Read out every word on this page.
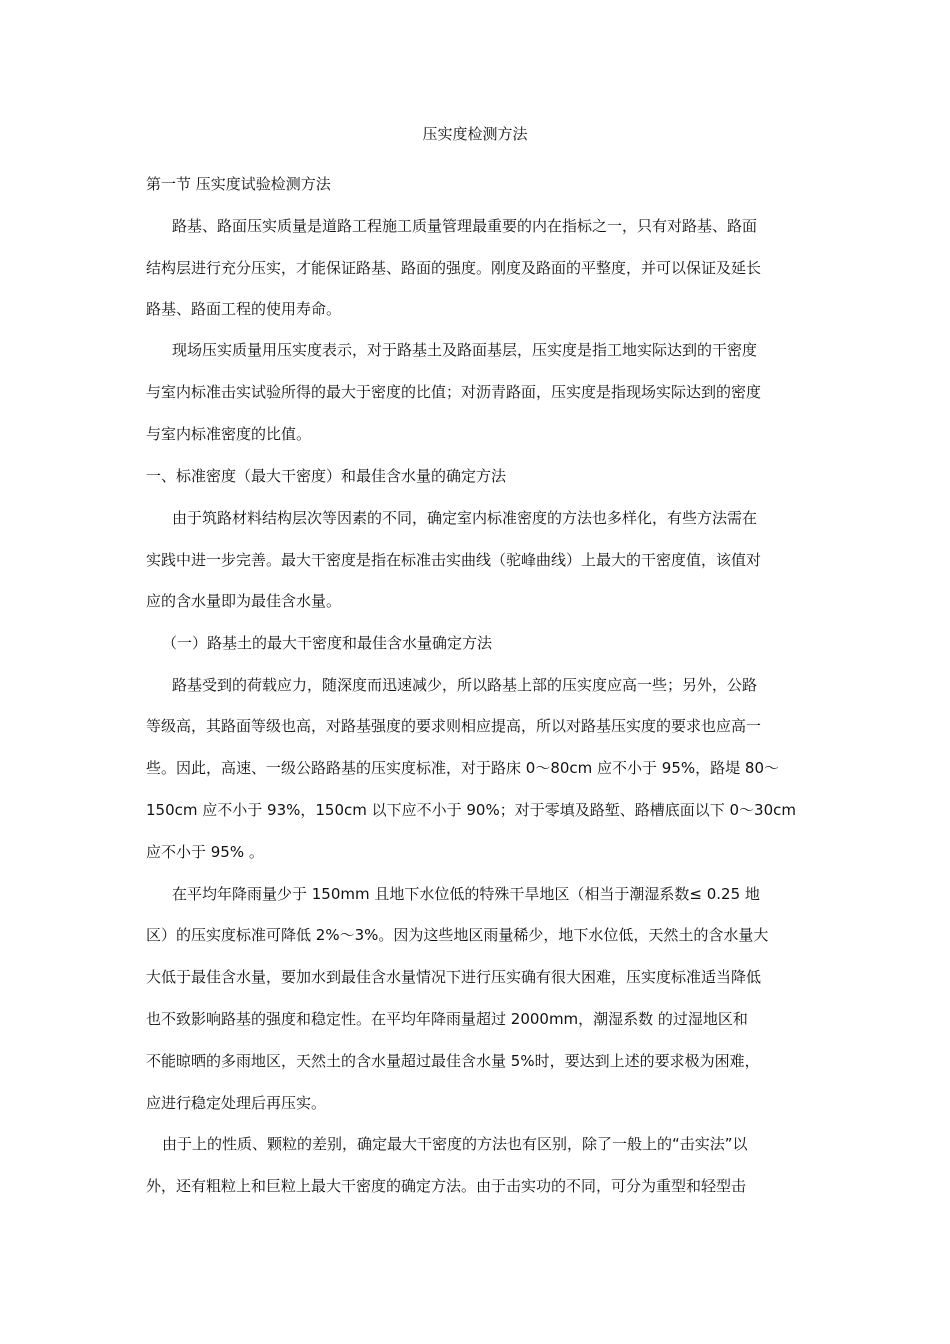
压实度检测方法
第一节 压实度试验检测方法
路基、路面压实质量是道路工程施工质量管理最重要的内在指标之一，只有对路基、路面
结构层进行充分压实，才能保证路基、路面的强度。刚度及路面的平整度，并可以保证及延长
路基、路面工程的使用寿命。
现场压实质量用压实度表示，对于路基土及路面基层，压实度是指工地实际达到的干密度
与室内标准击实试验所得的最大于密度的比值；对沥青路面，压实度是指现场实际达到的密度
与室内标准密度的比值。
一、标准密度（最大干密度）和最佳含水量的确定方法
由于筑路材料结构层次等因素的不同，确定室内标准密度的方法也多样化，有些方法需在
实践中进一步完善。最大干密度是指在标准击实曲线（驼峰曲线）上最大的干密度值，该值对
应的含水量即为最佳含水量。
（一）路基土的最大干密度和最佳含水量确定方法
路基受到的荷载应力，随深度而迅速减少，所以路基上部的压实度应高一些；另外，公路
等级高，其路面等级也高，对路基强度的要求则相应提高，所以对路基压实度的要求也应高一
些。因此，高速、一级公路路基的压实度标准，对于路床 0～80cm 应不小于 95%，路堤 80～
150cm 应不小于 93%，150cm 以下应不小于 90%；对于零填及路堑、路槽底面以下 0～30cm
应不小于 95% 。
在平均年降雨量少于 150mm 且地下水位低的特殊干旱地区（相当于潮湿系数≤ 0.25 地
区）的压实度标准可降低 2%～3%。因为这些地区雨量稀少，地下水位低，天然土的含水量大
大低于最佳含水量，要加水到最佳含水量情况下进行压实确有很大困难，压实度标准适当降低
也不致影响路基的强度和稳定性。在平均年降雨量超过 2000mm，潮湿系数 的过湿地区和
不能晾晒的多雨地区，天然土的含水量超过最佳含水量 5%时，要达到上述的要求极为困难，
应进行稳定处理后再压实。
由于上的性质、颗粒的差别，确定最大干密度的方法也有区别，除了一般上的“击实法”以
外，还有粗粒上和巨粒上最大干密度的确定方法。由于击实功的不同，可分为重型和轻型击
